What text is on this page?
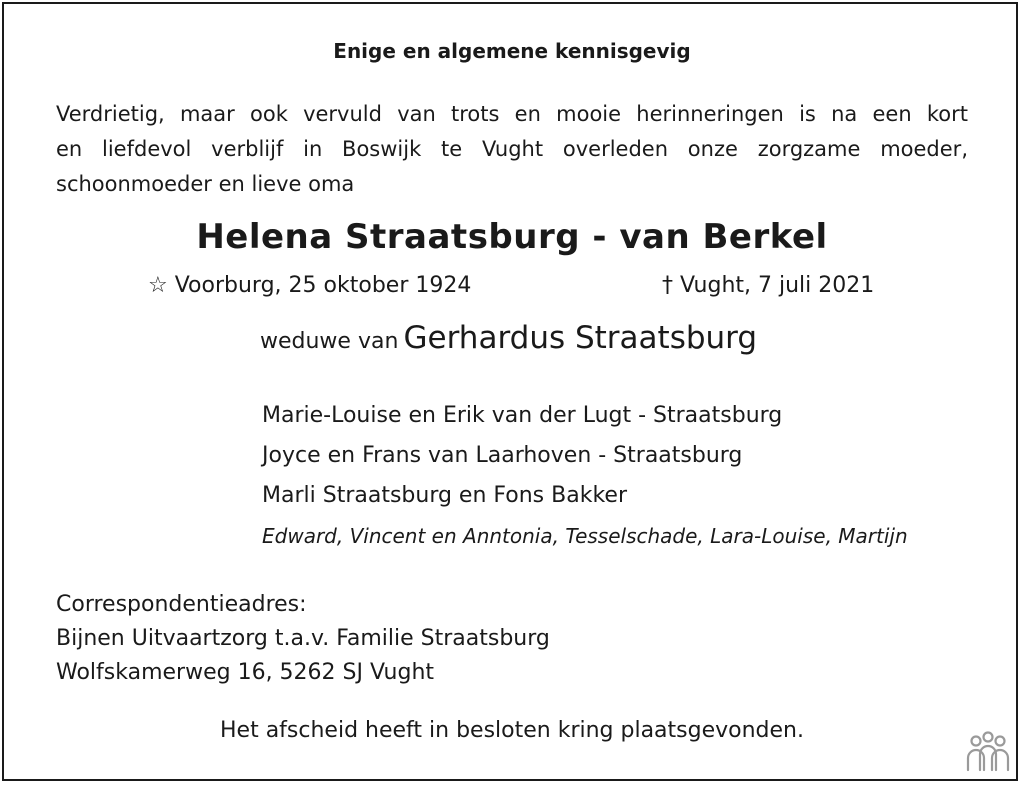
Enige en algemene kennisgevig
Verdrietig, maar ook vervuld van trots en mooie herinneringen is na een kort
en liefdevol verblijf in Boswijk te Vught overleden onze zorgzame moeder,
schoonmoeder en lieve oma
Helena Straatsburg - van Berkel
☆ Voorburg, 25 oktober 1924	† Vught, 7 juli 2021
weduwe van Gerhardus Straatsburg
Marie-Louise en Erik van der Lugt - Straatsburg
Joyce en Frans van Laarhoven - Straatsburg
Marli Straatsburg en Fons Bakker
Edward, Vincent en Anntonia, Tesselschade, Lara-Louise, Martijn
Correspondentieadres:
Bijnen Uitvaartzorg t.a.v. Familie Straatsburg
Wolfskamerweg 16, 5262 SJ Vught
Het afscheid heeft in besloten kring plaatsgevonden.
